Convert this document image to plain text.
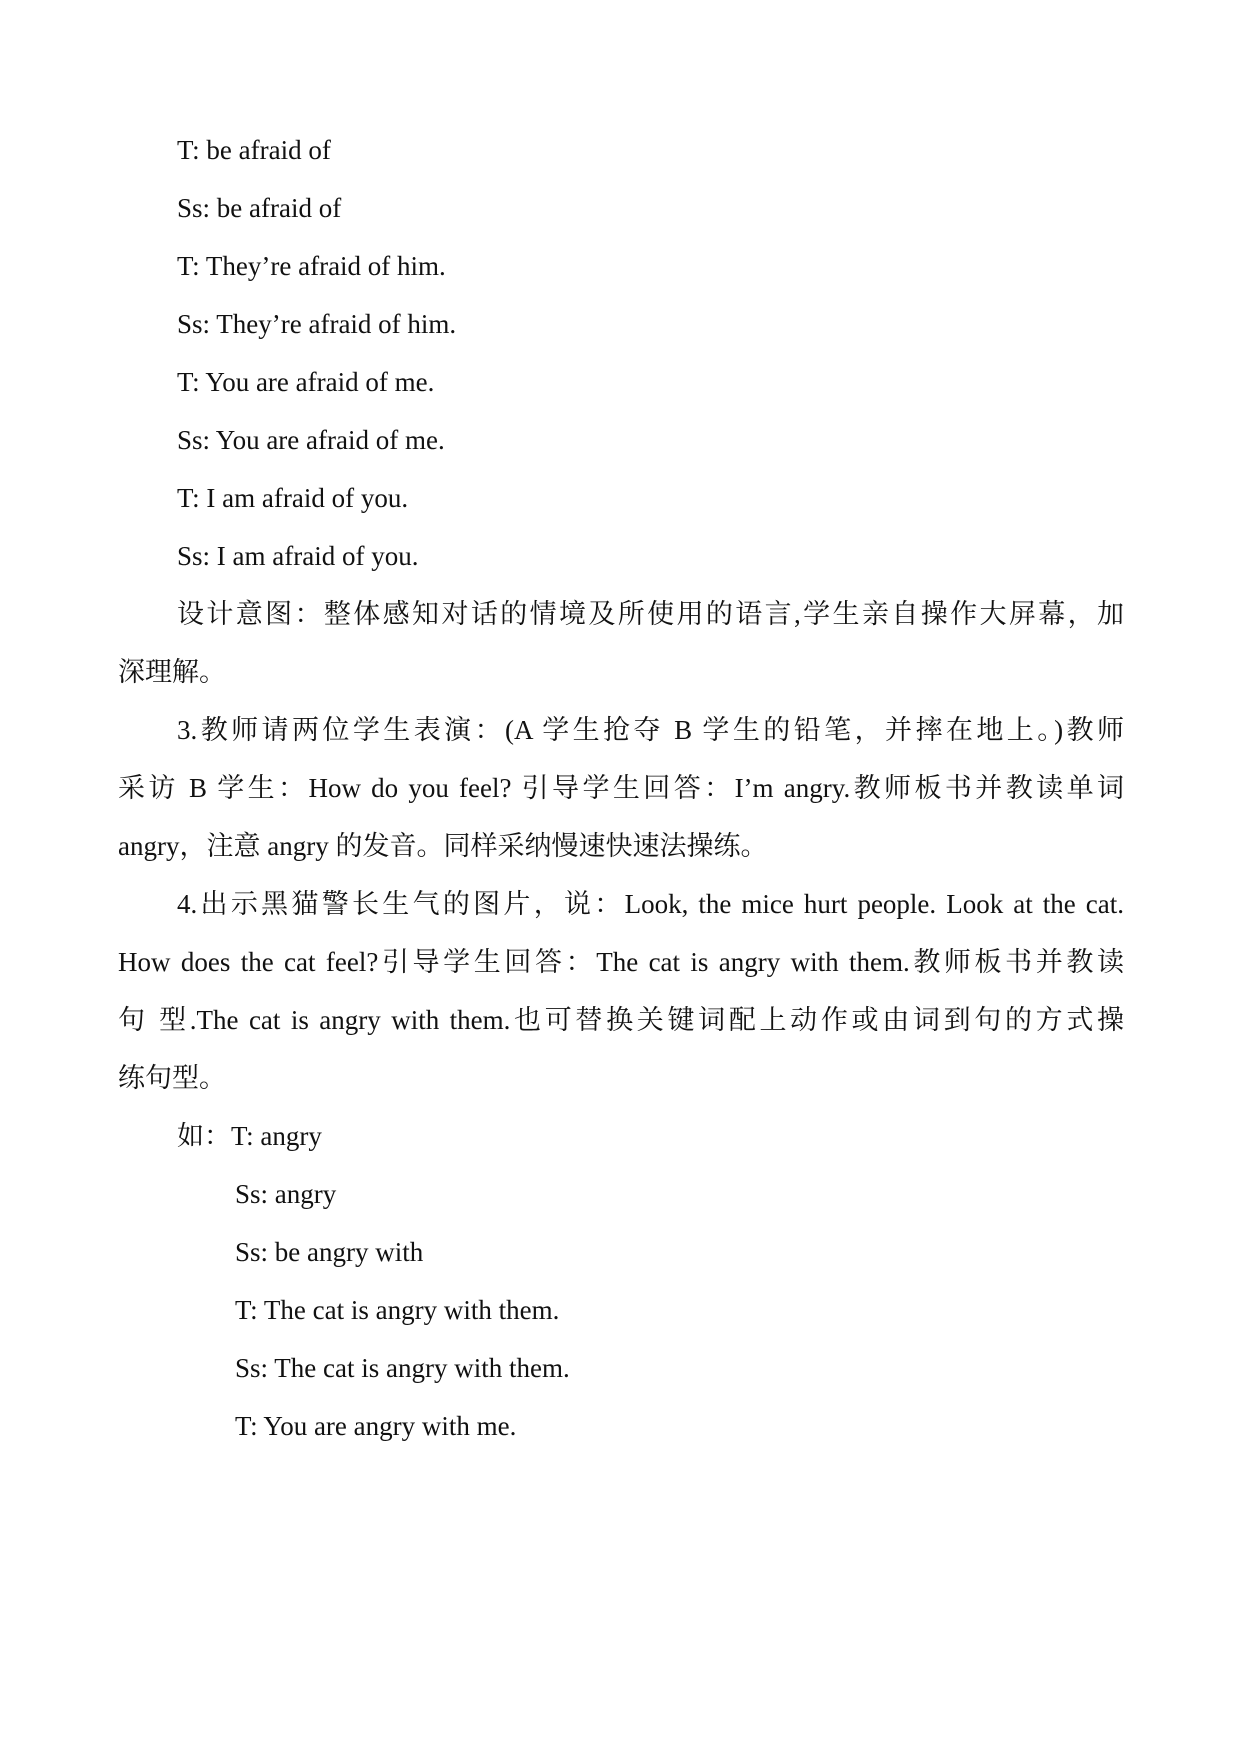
T: be afraid of
Ss: be afraid of
T: They’re afraid of him.
Ss: They’re afraid of him.
T: You are afraid of me.
Ss: You are afraid of me.
T: I am afraid of you.
Ss: I am afraid of you.
设计意图：整体感知对话的情境及所使用的语言,学生亲自操作大屏幕，加
深理解。
3.教师请两位学生表演：(A 学生抢夺 B 学生的铅笔，并摔在地上。)教师
采访 B 学生：How do you feel? 引导学生回答：I’m angry.教师板书并教读单词
angry，注意 angry 的发音。同样采纳慢速快速法操练。
4.出示黑猫警长生气的图片，说：Look, the mice hurt people. Look at the cat.
How does the cat feel?引导学生回答：The cat is angry with them.教师板书并教读
句 型.The cat is angry with them.也可替换关键词配上动作或由词到句的方式操
练句型。
如：T: angry
Ss: angry
Ss: be angry with
T: The cat is angry with them.
Ss: The cat is angry with them.
T: You are angry with me.
